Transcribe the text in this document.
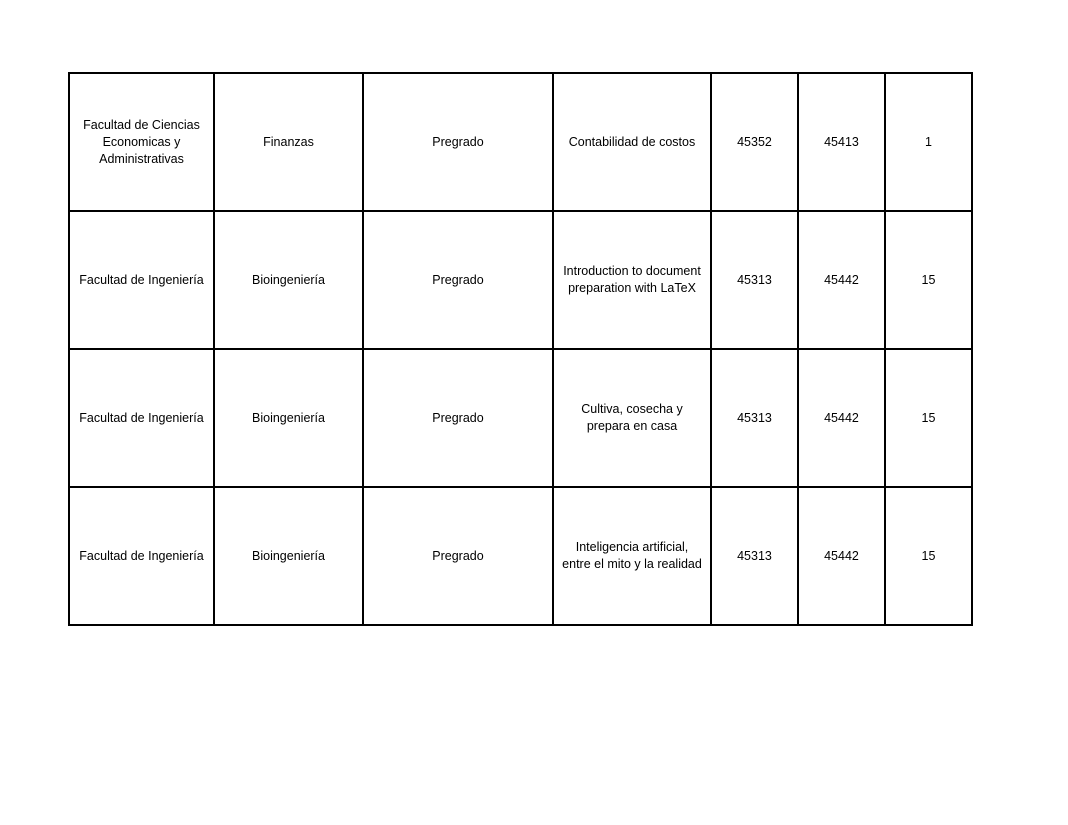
Facultad de Ciencias Economicas y Administrativas	Finanzas	Pregrado	Contabilidad de costos	45352	45413	1
Facultad de Ingeniería	Bioingeniería	Pregrado	Introduction to document preparation with LaTeX	45313	45442	15
Facultad de Ingeniería	Bioingeniería	Pregrado	Cultiva, cosecha y prepara en casa	45313	45442	15
Facultad de Ingeniería	Bioingeniería	Pregrado	Inteligencia artificial, entre el mito y la realidad	45313	45442	15
